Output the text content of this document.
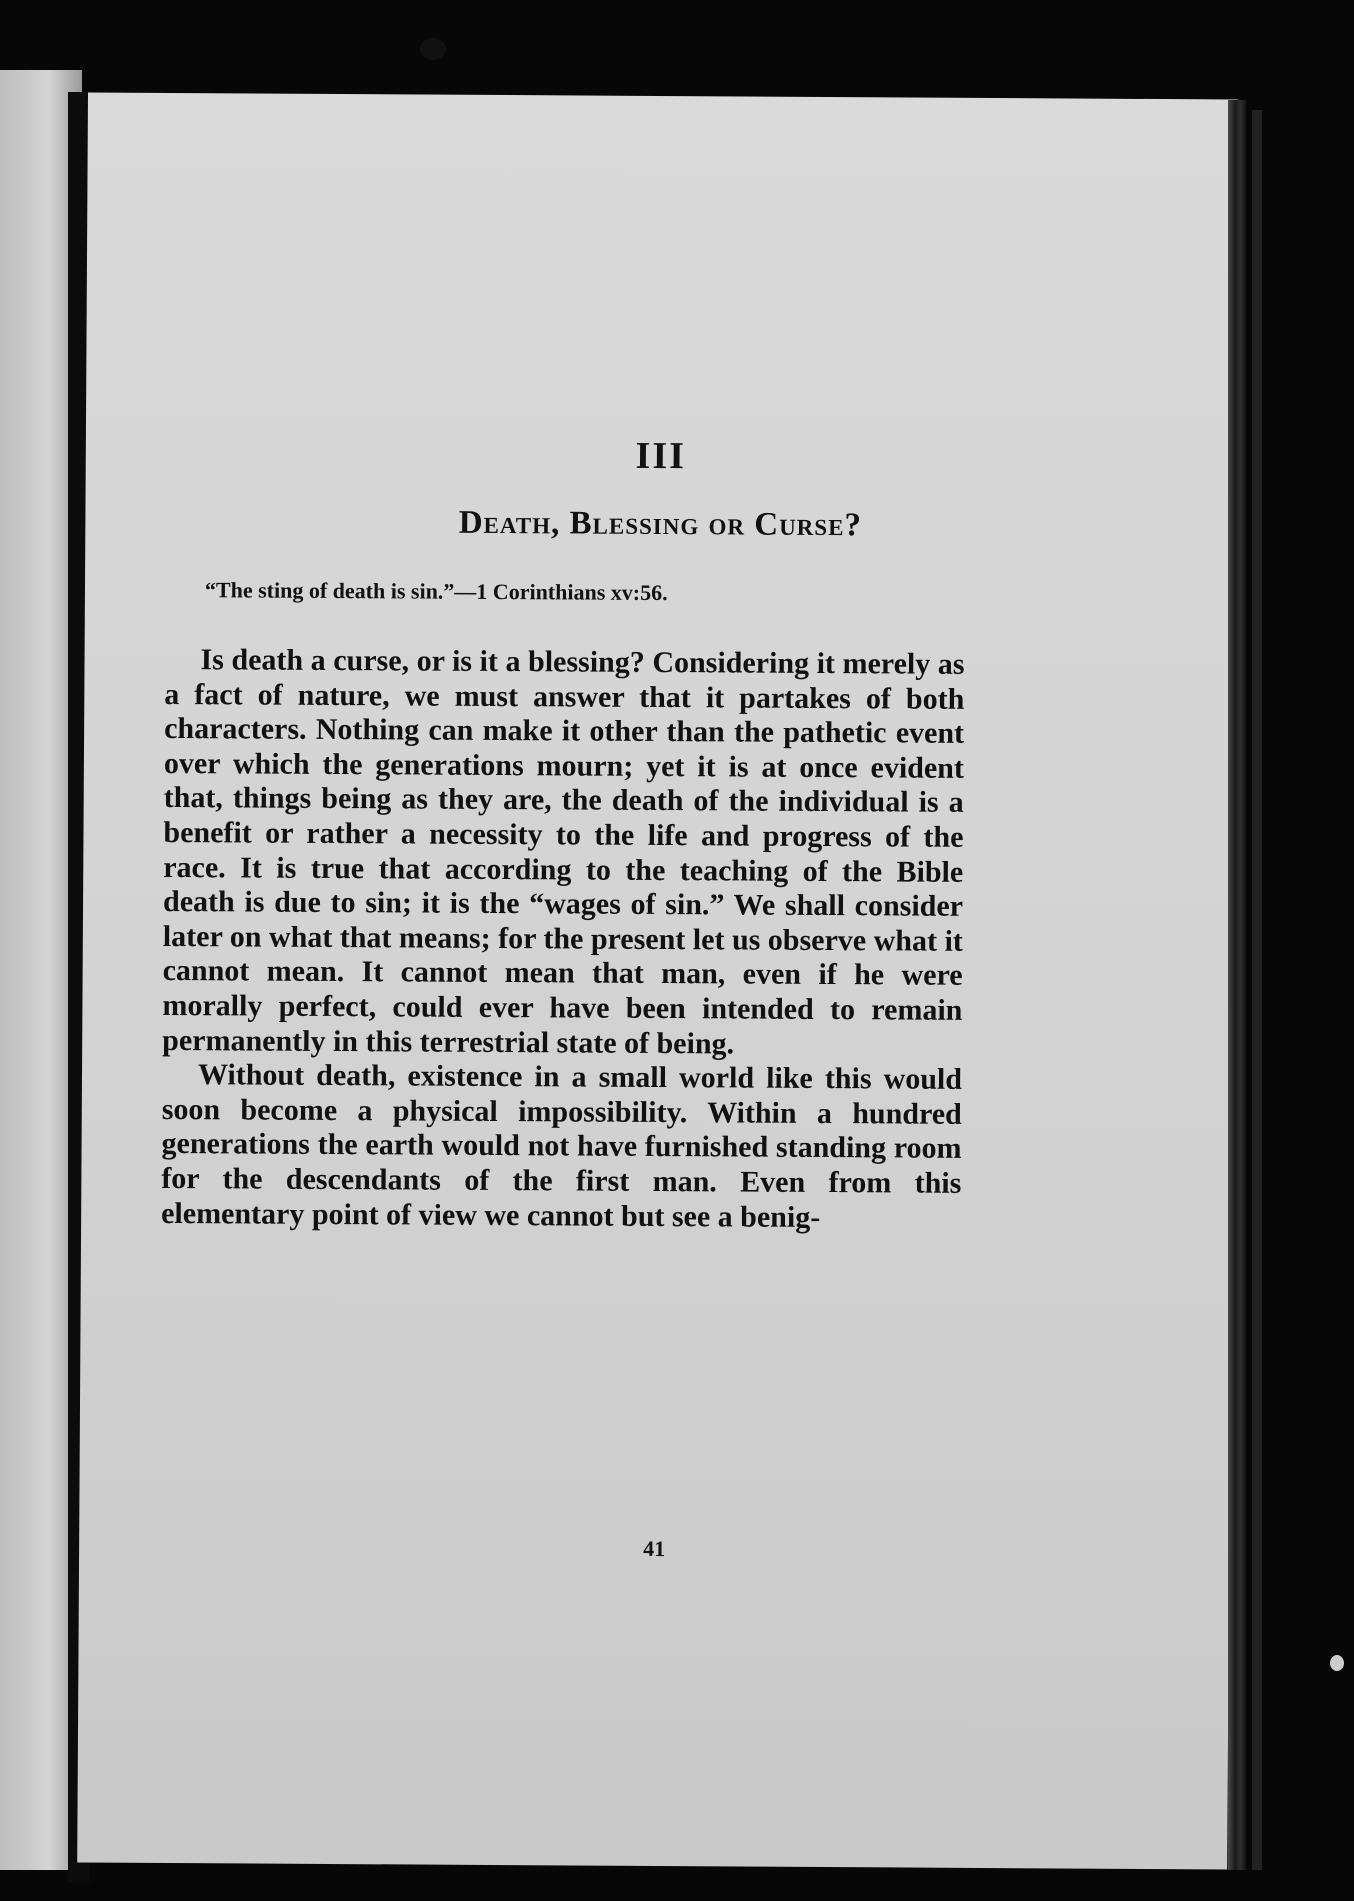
III
Death, Blessing or Curse?
“The sting of death is sin.”—1 Corinthians xv:56.

Is death a curse, or is it a blessing? Considering it merely as a fact of nature, we must answer that it partakes of both characters. Nothing can make it other than the pathetic event over which the generations mourn; yet it is at once evident that, things being as they are, the death of the individual is a benefit or rather a necessity to the life and progress of the race. It is true that according to the teaching of the Bible death is due to sin; it is the “wages of sin.” We shall consider later on what that means; for the present let us observe what it cannot mean. It cannot mean that man, even if he were morally perfect, could ever have been intended to remain permanently in this terrestrial state of being.

Without death, existence in a small world like this would soon become a physical impossibility. Within a hundred generations the earth would not have furnished standing room for the descendants of the first man. Even from this elementary point of view we cannot but see a benig-

41
